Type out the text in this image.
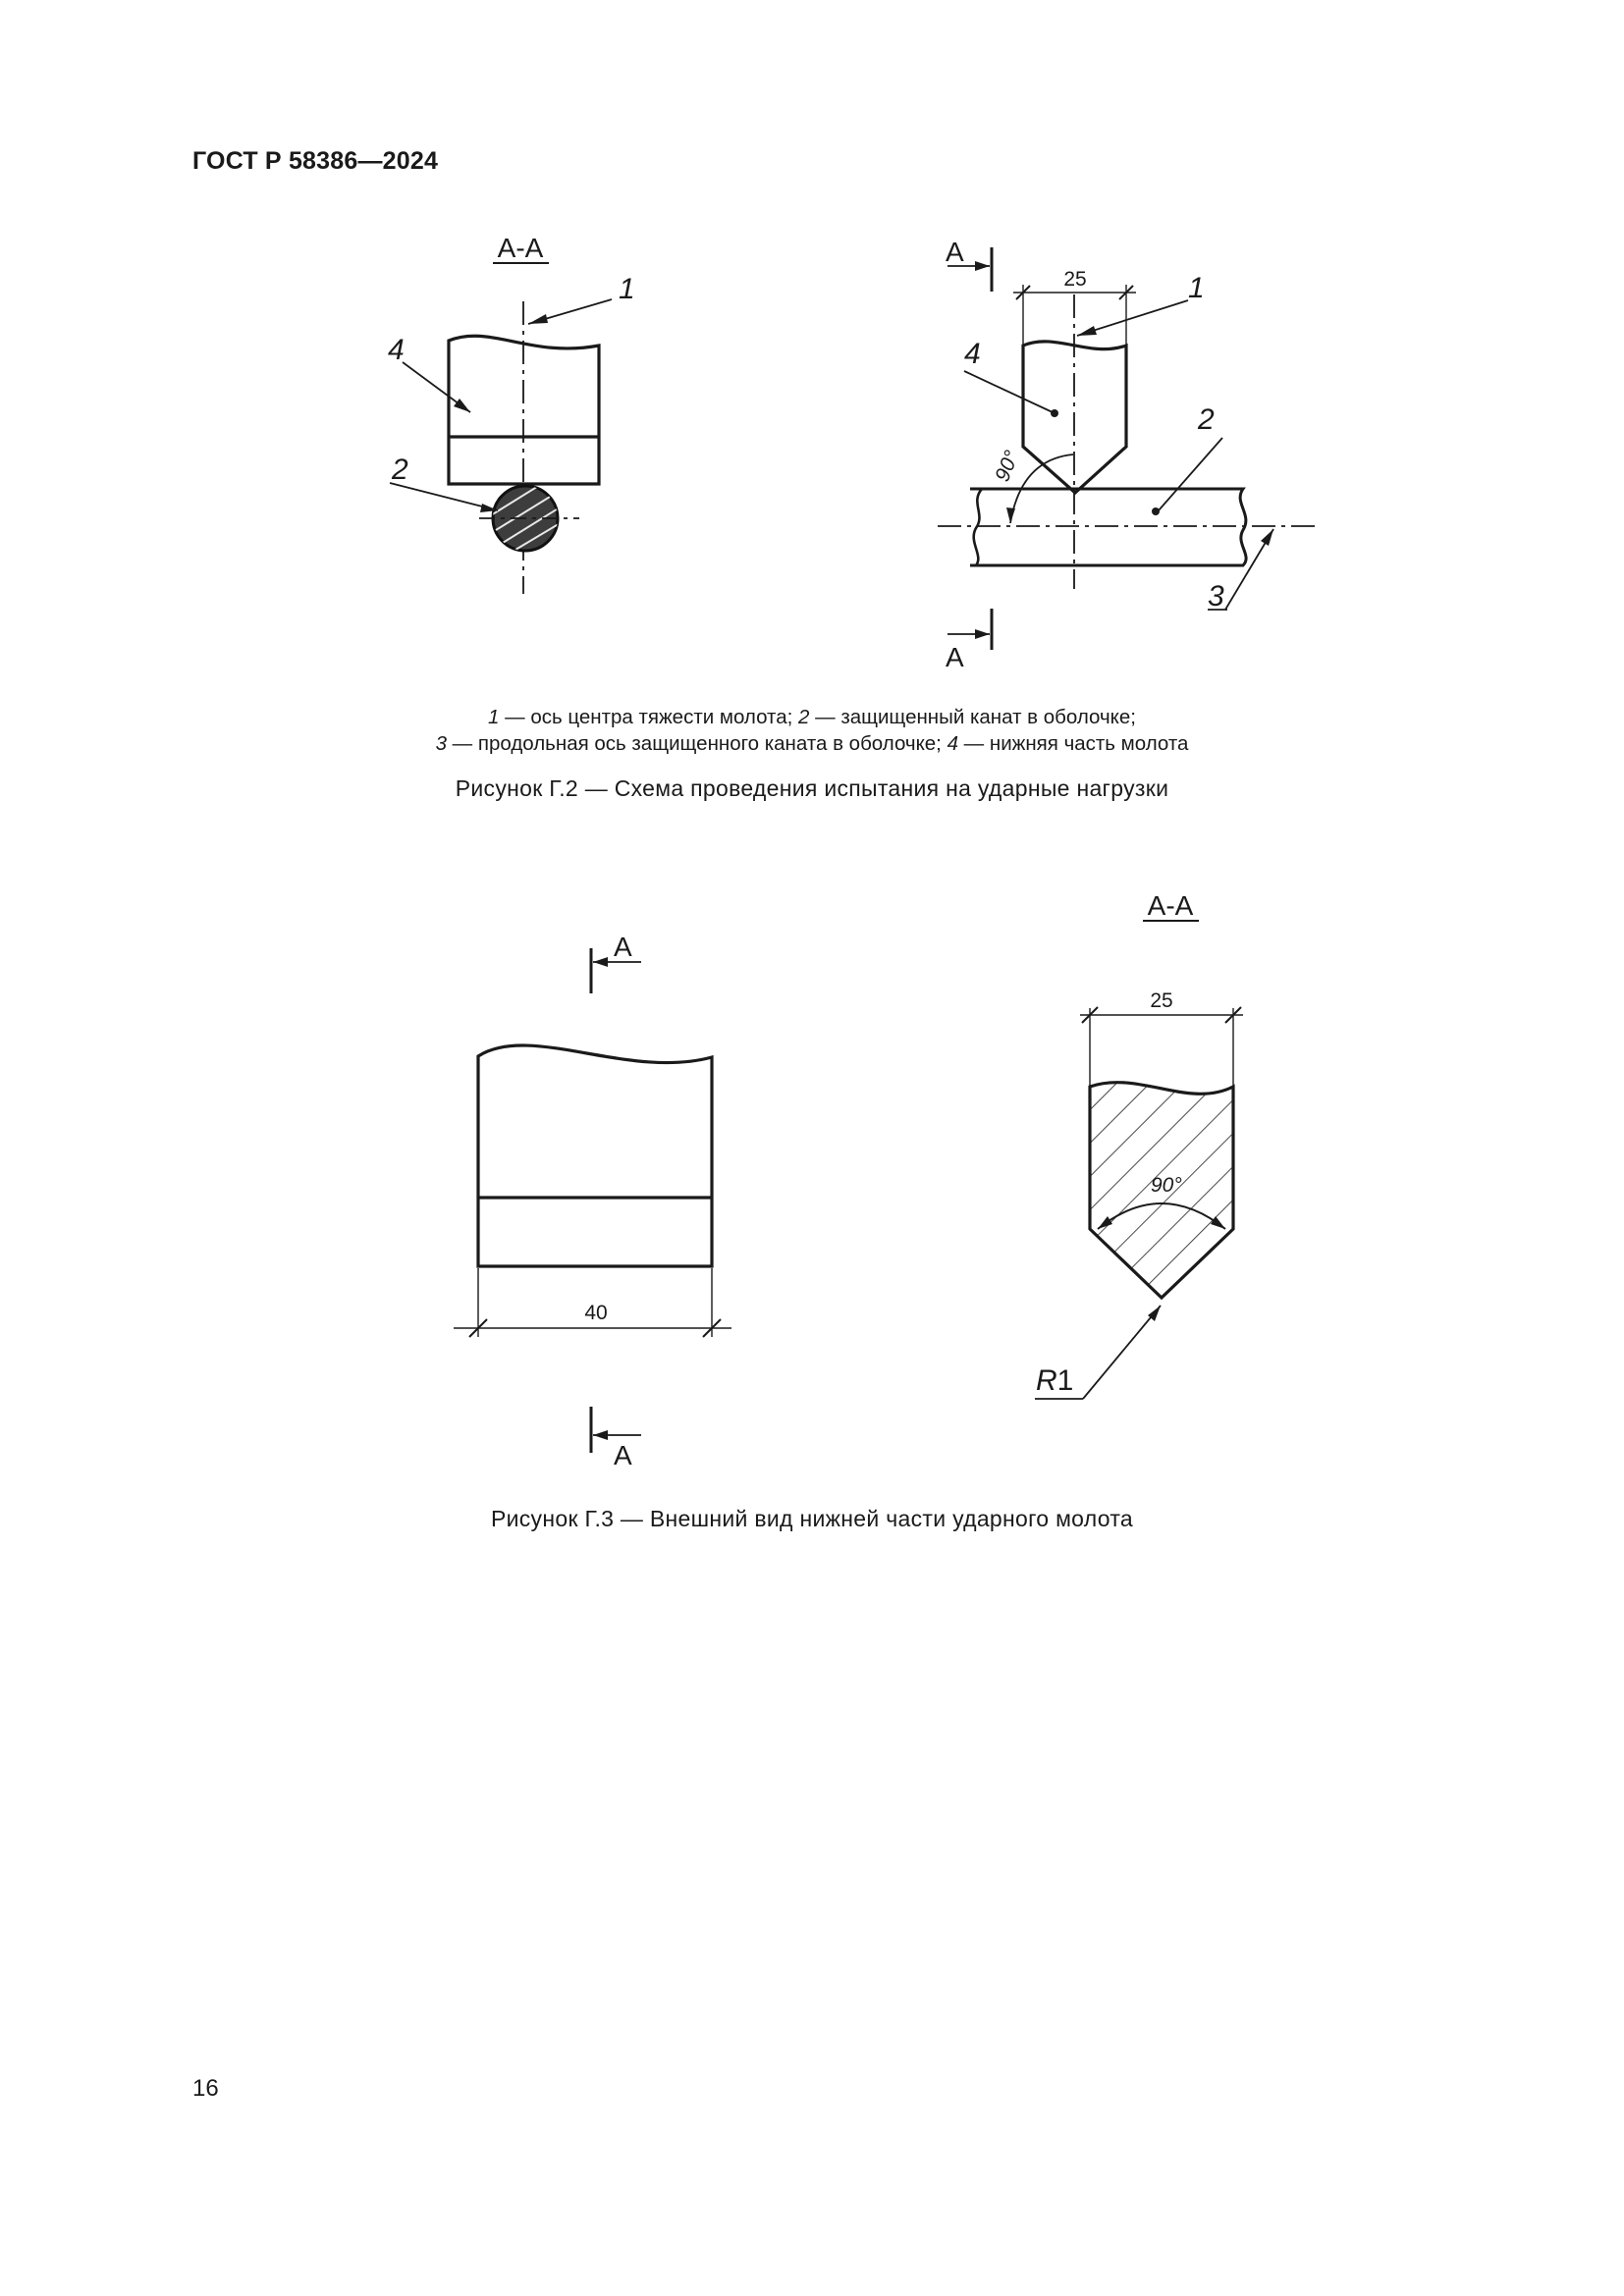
ГОСТ Р 58386—2024
А-А
1
4
2
А
А
25
90°
1
4
2
3
А
А
40
А-А
25
90°
R1
1 — ось центра тяжести молота; 2 — защищенный канат в оболочке;
3 — продольная ось защищенного каната в оболочке; 4 — нижняя часть молота
Рисунок Г.2 — Схема проведения испытания на ударные нагрузки
Рисунок Г.3 — Внешний вид нижней части ударного молота
16
